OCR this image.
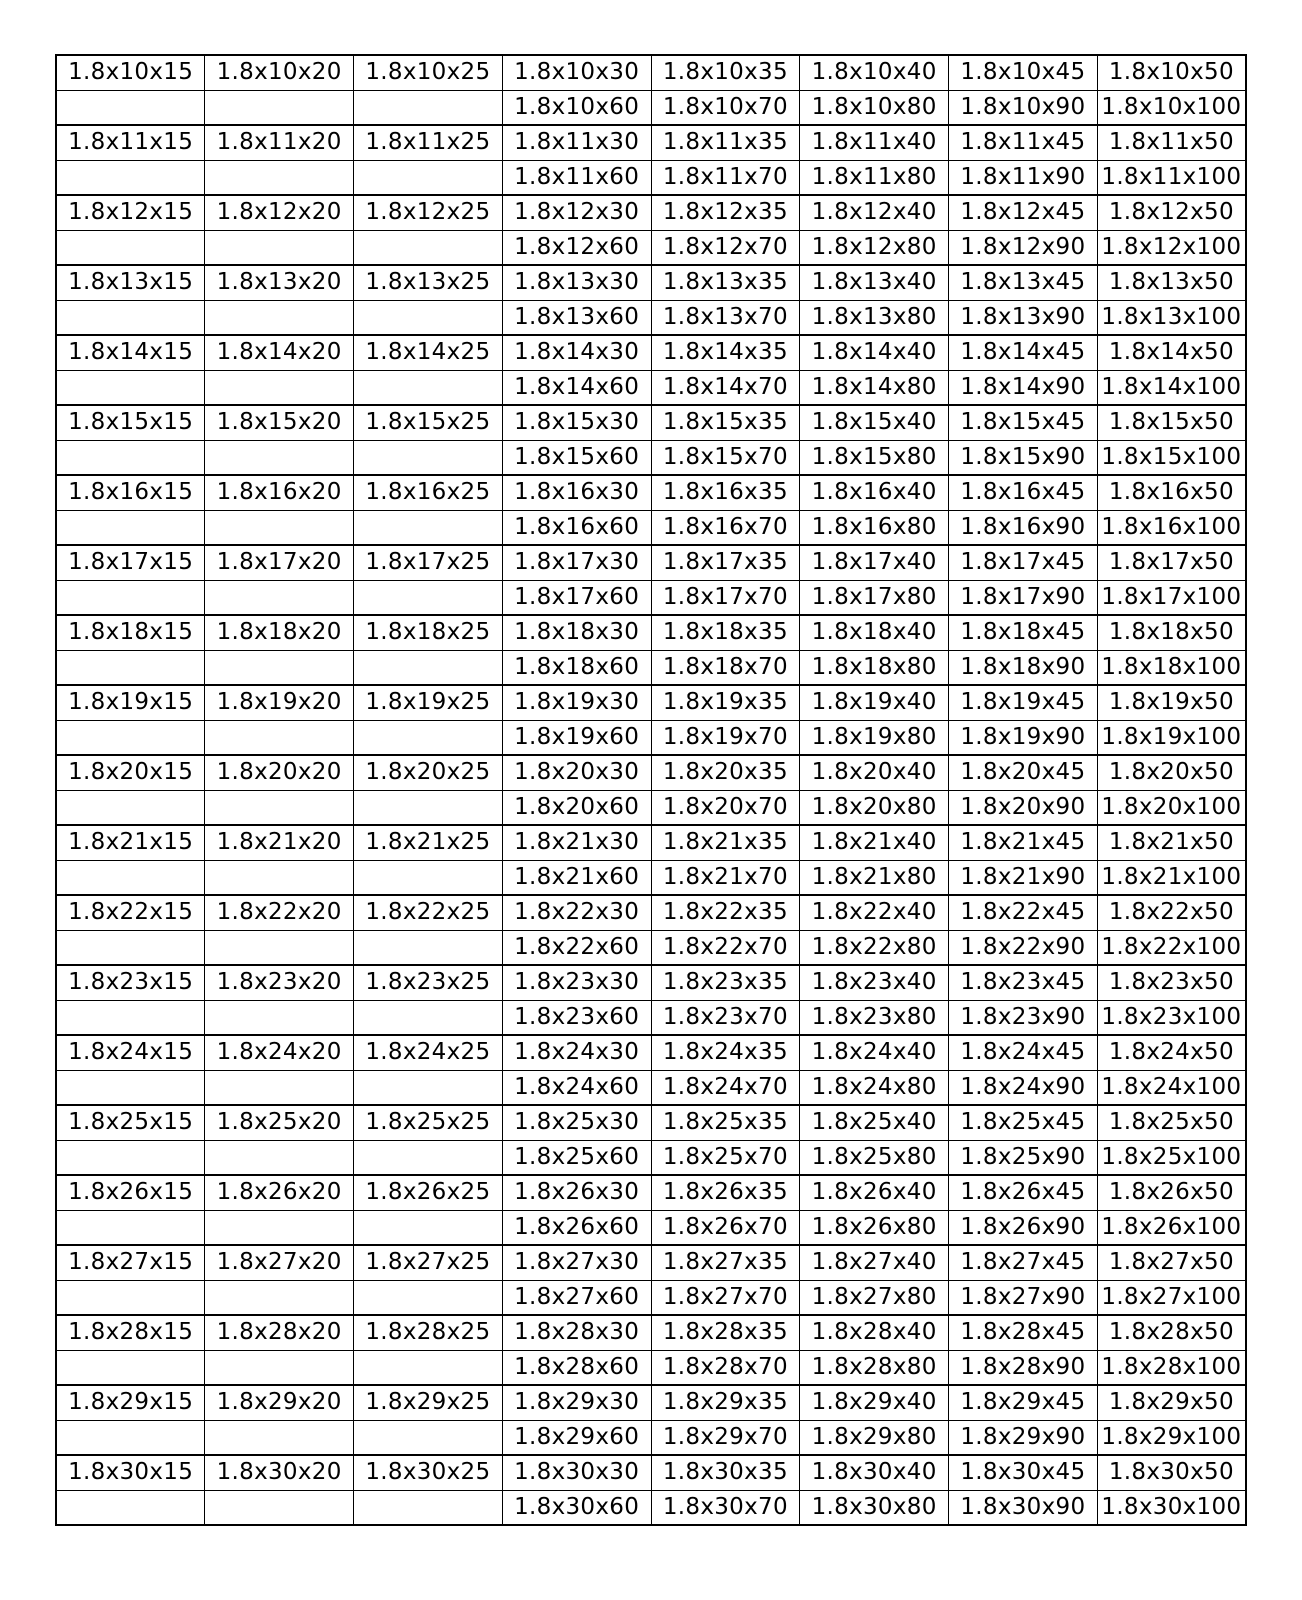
1.8x10x15	1.8x10x20	1.8x10x25	1.8x10x30	1.8x10x35	1.8x10x40	1.8x10x45	1.8x10x50
			1.8x10x60	1.8x10x70	1.8x10x80	1.8x10x90	1.8x10x100
1.8x11x15	1.8x11x20	1.8x11x25	1.8x11x30	1.8x11x35	1.8x11x40	1.8x11x45	1.8x11x50
			1.8x11x60	1.8x11x70	1.8x11x80	1.8x11x90	1.8x11x100
1.8x12x15	1.8x12x20	1.8x12x25	1.8x12x30	1.8x12x35	1.8x12x40	1.8x12x45	1.8x12x50
			1.8x12x60	1.8x12x70	1.8x12x80	1.8x12x90	1.8x12x100
1.8x13x15	1.8x13x20	1.8x13x25	1.8x13x30	1.8x13x35	1.8x13x40	1.8x13x45	1.8x13x50
			1.8x13x60	1.8x13x70	1.8x13x80	1.8x13x90	1.8x13x100
1.8x14x15	1.8x14x20	1.8x14x25	1.8x14x30	1.8x14x35	1.8x14x40	1.8x14x45	1.8x14x50
			1.8x14x60	1.8x14x70	1.8x14x80	1.8x14x90	1.8x14x100
1.8x15x15	1.8x15x20	1.8x15x25	1.8x15x30	1.8x15x35	1.8x15x40	1.8x15x45	1.8x15x50
			1.8x15x60	1.8x15x70	1.8x15x80	1.8x15x90	1.8x15x100
1.8x16x15	1.8x16x20	1.8x16x25	1.8x16x30	1.8x16x35	1.8x16x40	1.8x16x45	1.8x16x50
			1.8x16x60	1.8x16x70	1.8x16x80	1.8x16x90	1.8x16x100
1.8x17x15	1.8x17x20	1.8x17x25	1.8x17x30	1.8x17x35	1.8x17x40	1.8x17x45	1.8x17x50
			1.8x17x60	1.8x17x70	1.8x17x80	1.8x17x90	1.8x17x100
1.8x18x15	1.8x18x20	1.8x18x25	1.8x18x30	1.8x18x35	1.8x18x40	1.8x18x45	1.8x18x50
			1.8x18x60	1.8x18x70	1.8x18x80	1.8x18x90	1.8x18x100
1.8x19x15	1.8x19x20	1.8x19x25	1.8x19x30	1.8x19x35	1.8x19x40	1.8x19x45	1.8x19x50
			1.8x19x60	1.8x19x70	1.8x19x80	1.8x19x90	1.8x19x100
1.8x20x15	1.8x20x20	1.8x20x25	1.8x20x30	1.8x20x35	1.8x20x40	1.8x20x45	1.8x20x50
			1.8x20x60	1.8x20x70	1.8x20x80	1.8x20x90	1.8x20x100
1.8x21x15	1.8x21x20	1.8x21x25	1.8x21x30	1.8x21x35	1.8x21x40	1.8x21x45	1.8x21x50
			1.8x21x60	1.8x21x70	1.8x21x80	1.8x21x90	1.8x21x100
1.8x22x15	1.8x22x20	1.8x22x25	1.8x22x30	1.8x22x35	1.8x22x40	1.8x22x45	1.8x22x50
			1.8x22x60	1.8x22x70	1.8x22x80	1.8x22x90	1.8x22x100
1.8x23x15	1.8x23x20	1.8x23x25	1.8x23x30	1.8x23x35	1.8x23x40	1.8x23x45	1.8x23x50
			1.8x23x60	1.8x23x70	1.8x23x80	1.8x23x90	1.8x23x100
1.8x24x15	1.8x24x20	1.8x24x25	1.8x24x30	1.8x24x35	1.8x24x40	1.8x24x45	1.8x24x50
			1.8x24x60	1.8x24x70	1.8x24x80	1.8x24x90	1.8x24x100
1.8x25x15	1.8x25x20	1.8x25x25	1.8x25x30	1.8x25x35	1.8x25x40	1.8x25x45	1.8x25x50
			1.8x25x60	1.8x25x70	1.8x25x80	1.8x25x90	1.8x25x100
1.8x26x15	1.8x26x20	1.8x26x25	1.8x26x30	1.8x26x35	1.8x26x40	1.8x26x45	1.8x26x50
			1.8x26x60	1.8x26x70	1.8x26x80	1.8x26x90	1.8x26x100
1.8x27x15	1.8x27x20	1.8x27x25	1.8x27x30	1.8x27x35	1.8x27x40	1.8x27x45	1.8x27x50
			1.8x27x60	1.8x27x70	1.8x27x80	1.8x27x90	1.8x27x100
1.8x28x15	1.8x28x20	1.8x28x25	1.8x28x30	1.8x28x35	1.8x28x40	1.8x28x45	1.8x28x50
			1.8x28x60	1.8x28x70	1.8x28x80	1.8x28x90	1.8x28x100
1.8x29x15	1.8x29x20	1.8x29x25	1.8x29x30	1.8x29x35	1.8x29x40	1.8x29x45	1.8x29x50
			1.8x29x60	1.8x29x70	1.8x29x80	1.8x29x90	1.8x29x100
1.8x30x15	1.8x30x20	1.8x30x25	1.8x30x30	1.8x30x35	1.8x30x40	1.8x30x45	1.8x30x50
			1.8x30x60	1.8x30x70	1.8x30x80	1.8x30x90	1.8x30x100
